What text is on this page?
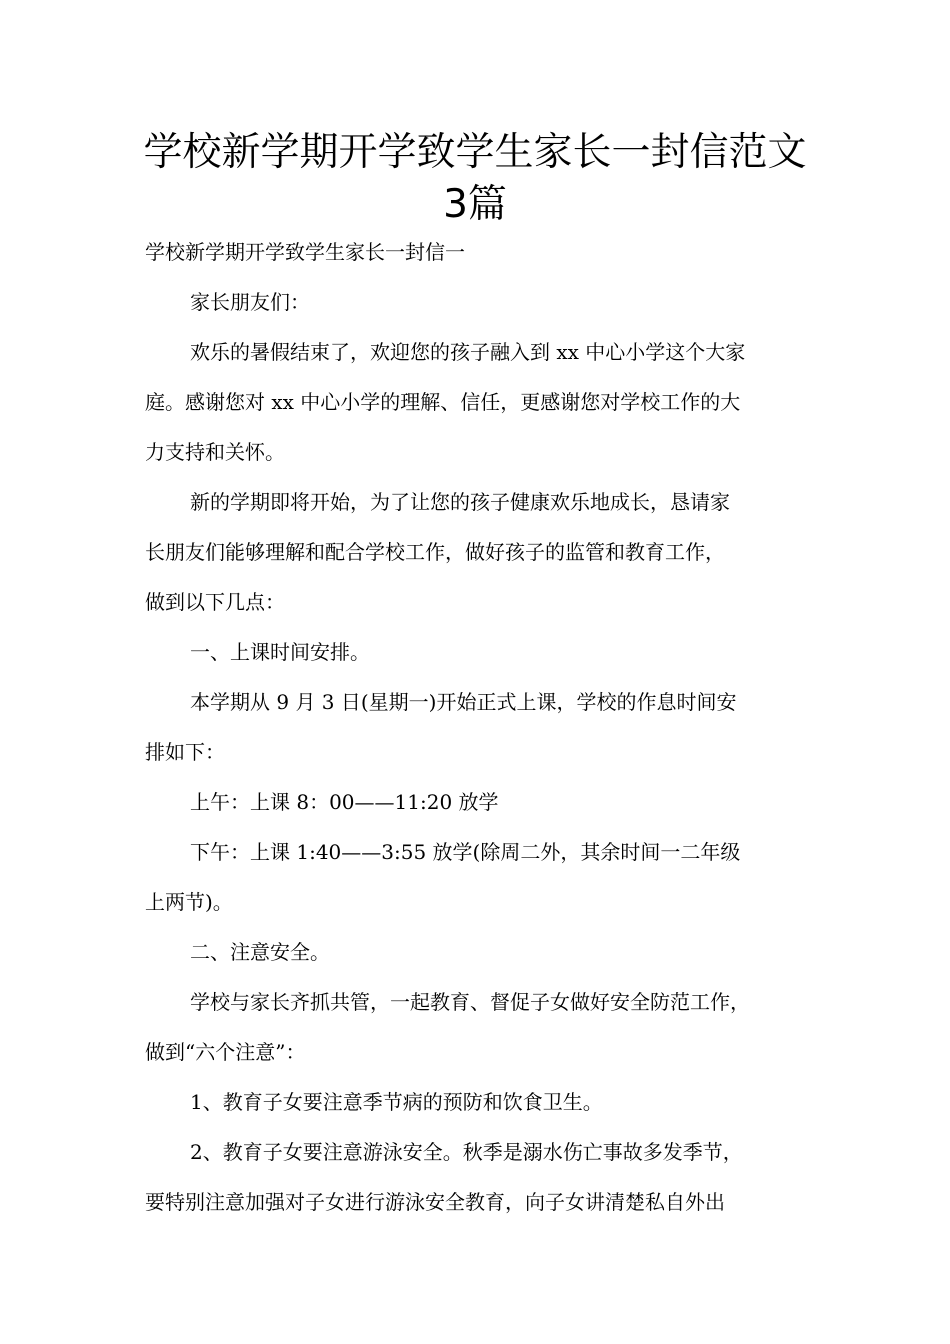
学校新学期开学致学生家长一封信范文
3篇
学校新学期开学致学生家长一封信一
家长朋友们：
欢乐的暑假结束了，欢迎您的孩子融入到 xx 中心小学这个大家
庭。感谢您对 xx 中心小学的理解、信任，更感谢您对学校工作的大
力支持和关怀。
新的学期即将开始，为了让您的孩子健康欢乐地成长，恳请家
长朋友们能够理解和配合学校工作，做好孩子的监管和教育工作，
做到以下几点：
一、上课时间安排。
本学期从 9 月 3 日(星期一)开始正式上课，学校的作息时间安
排如下：
上午：上课 8：00——11:20 放学
下午：上课 1:40——3:55 放学(除周二外，其余时间一二年级
上两节)。
二、注意安全。
学校与家长齐抓共管，一起教育、督促子女做好安全防范工作，
做到“六个注意”：
1、教育子女要注意季节病的预防和饮食卫生。
2、教育子女要注意游泳安全。秋季是溺水伤亡事故多发季节，
要特别注意加强对子女进行游泳安全教育，向子女讲清楚私自外出
